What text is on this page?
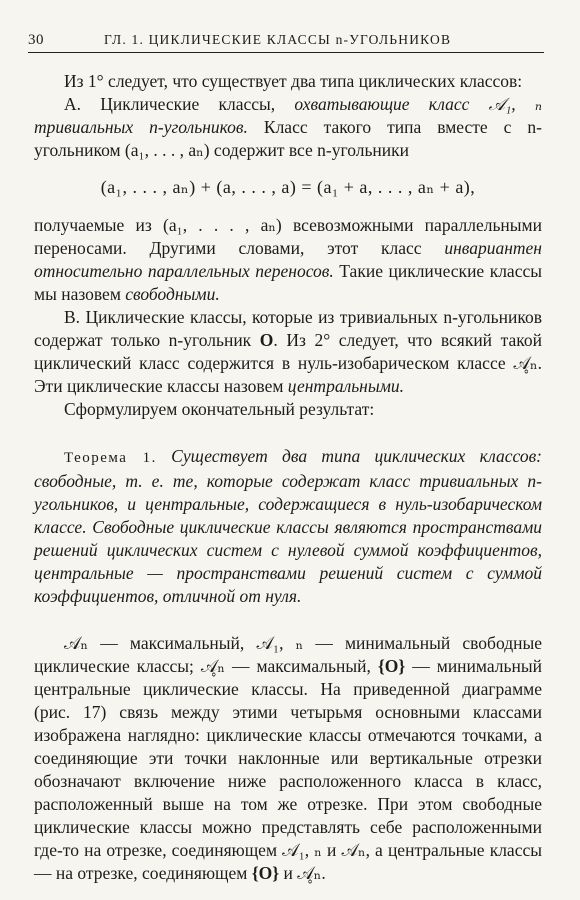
30	ГЛ. 1. ЦИКЛИЧЕСКИЕ КЛАССЫ n-УГОЛЬНИКОВ

Из 1° следует, что существует два типа циклических классов:

А. Циклические классы, охватывающие класс 𝒜₁, ₙ тривиальных n-угольников. Класс такого типа вместе с n-угольником (a₁, . . . , aₙ) содержит все n-угольники

(a₁, . . . , aₙ) + (a, . . . , a) = (a₁ + a, . . . , aₙ + a),

получаемые из (a₁, . . . , aₙ) всевозможными параллельными переносами. Другими словами, этот класс инвариантен относительно параллельных переносов. Такие циклические классы мы назовем свободными.

В. Циклические классы, которые из тривиальных n-угольников содержат только n-угольник O. Из 2° следует, что всякий такой циклический класс содержится в нуль-изобарическом классе 𝒜̥ₙ. Эти циклические классы назовем центральными.

Сформулируем окончательный результат:

Теорема 1. Существует два типа циклических классов: свободные, т. е. те, которые содержат класс тривиальных n-угольников, и центральные, содержащиеся в нуль-изобарическом классе. Свободные циклические классы являются пространствами решений циклических систем с нулевой суммой коэффициентов, центральные — пространствами решений систем с суммой коэффициентов, отличной от нуля.

𝒜ₙ — максимальный, 𝒜₁, ₙ — минимальный свободные циклические классы; 𝒜̥ₙ — максимальный, {O} — минимальный центральные циклические классы. На приведенной диаграмме (рис. 17) связь между этими четырьмя основными классами изображена наглядно: циклические классы отмечаются точками, а соединяющие эти точки наклонные или вертикальные отрезки обозначают включение ниже расположенного класса в класс, расположенный выше на том же отрезке. При этом свободные циклические классы можно представлять себе расположенными где-то на отрезке, соединяющем 𝒜₁, ₙ и 𝒜ₙ, а центральные классы — на отрезке, соединяющем {O} и 𝒜̥ₙ.
